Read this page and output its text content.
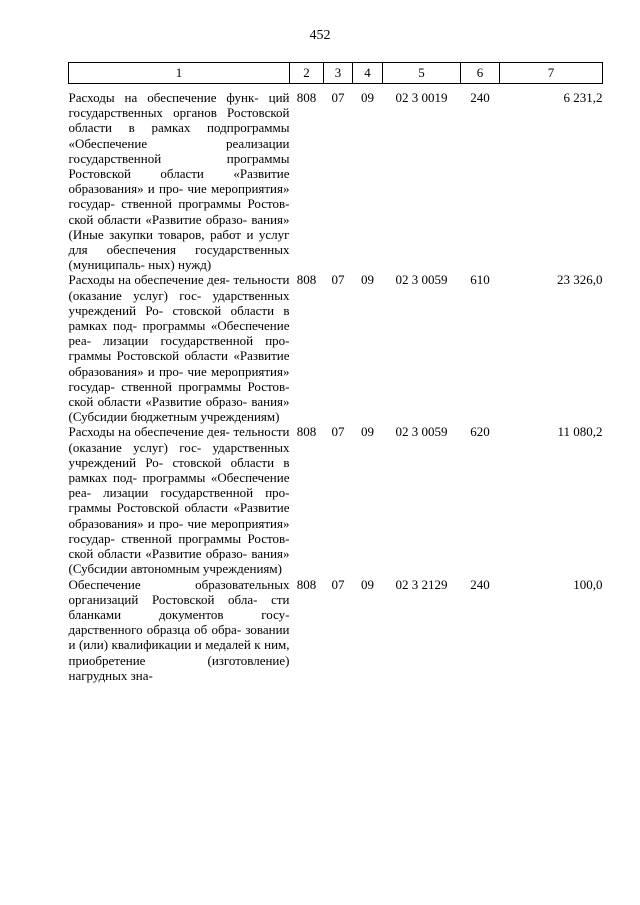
452
1	2	3	4	5	6	7

Расходы на обеспечение функ- ций государственных органов Ростовской области в рамках подпрограммы «Обеспечение реализации государственной программы Ростовской области «Развитие образования» и про- чие мероприятия» государ- ственной программы Ростов- ской области «Развитие образо- вания» (Иные закупки товаров, работ и услуг для обеспечения государственных (муниципаль- ных) нужд)	808	07	09	02 3 0019	240	6 231,2
Расходы на обеспечение дея- тельности (оказание услуг) гос- ударственных учреждений Ро- стовской области в рамках под- программы «Обеспечение реа- лизации государственной про- граммы Ростовской области «Развитие образования» и про- чие мероприятия» государ- ственной программы Ростов- ской области «Развитие образо- вания» (Субсидии бюджетным учреждениям)	808	07	09	02 3 0059	610	23 326,0
Расходы на обеспечение дея- тельности (оказание услуг) гос- ударственных учреждений Ро- стовской области в рамках под- программы «Обеспечение реа- лизации государственной про- граммы Ростовской области «Развитие образования» и про- чие мероприятия» государ- ственной программы Ростов- ской области «Развитие образо- вания» (Субсидии автономным учреждениям)	808	07	09	02 3 0059	620	11 080,2
Обеспечение образовательных организаций Ростовской обла- сти бланками документов госу- дарственного образца об обра- зовании и (или) квалификации и медалей к ним, приобретение (изготовление) нагрудных зна-	808	07	09	02 3 2129	240	100,0
